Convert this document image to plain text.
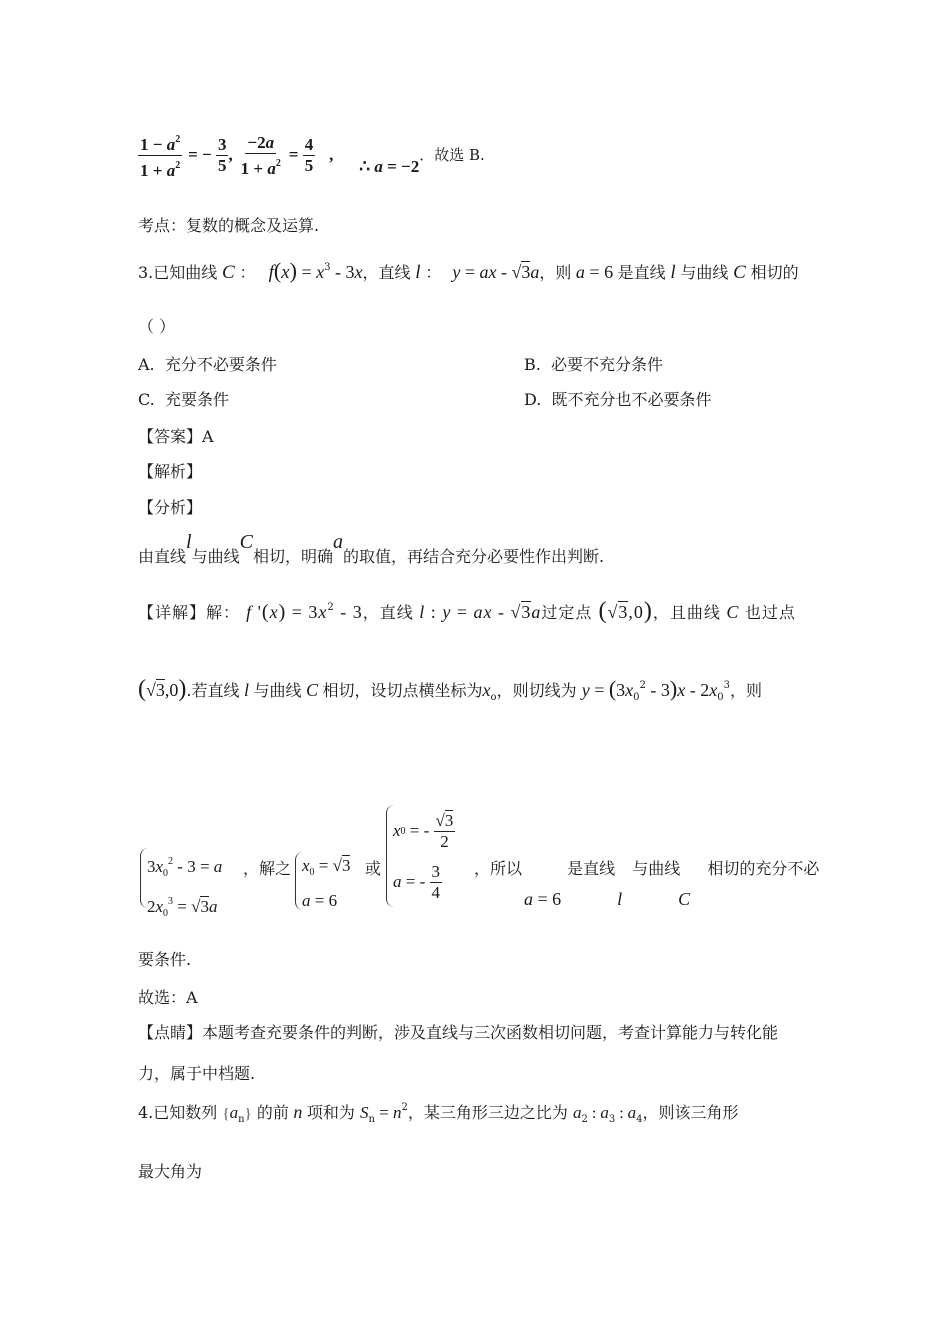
$\frac{1 - a^2}{1 + a^2}$ = − $\frac{3}{5}$ , $\frac{-2a}{1 + a^2} = \frac{4}{5}$ , ∴ a = −2．故选 B.
考点：复数的概念及运算.
3.已知曲线 C ： $f(x) = x^3 - 3x$，直线 l ： y = ax - √3a，则 a = 6 是直线 l 与曲线 C 相切的
（ ）
A. 充分不必要条件	B. 必要不充分条件
C. 充要条件	D. 既不充分也不必要条件
【答案】A
【解析】
【分析】
由直线l与曲线C相切，明确a的取值，再结合充分必要性作出判断.
【详解】解： f '$(x) = 3x^2 - 3$，直线 l : y = ax - √3a过定点 (√3,0)，且曲线 C 也过点
(√3,0).若直线 l 与曲线 C 相切，设切点横坐标为$x_o$，则切线为 $y = (3x_0^2 - 3)x - 2x_0^3$，则
$3x_0^2 - 3 = a$
$2x_0^3 = √3a$
，解之 $x_0 = √3$
a = 6
或
x 0 = - $\frac{√3}{2}$
a = - $\frac{3}{4}$ ，所以	是直线 与曲线 相切的充分不必
a = 6	l	C
要条件.
故选：A
【点睛】本题考查充要条件的判断，涉及直线与三次函数相切问题，考查计算能力与转化能
力，属于中档题.
4.已知数列 $\{a_n\}$ 的前 n 项和为 $S_n = n^2$，某三角形三边之比为 $a_2$ : $a_3$ : $a_4$，则该三角形
最大角为
